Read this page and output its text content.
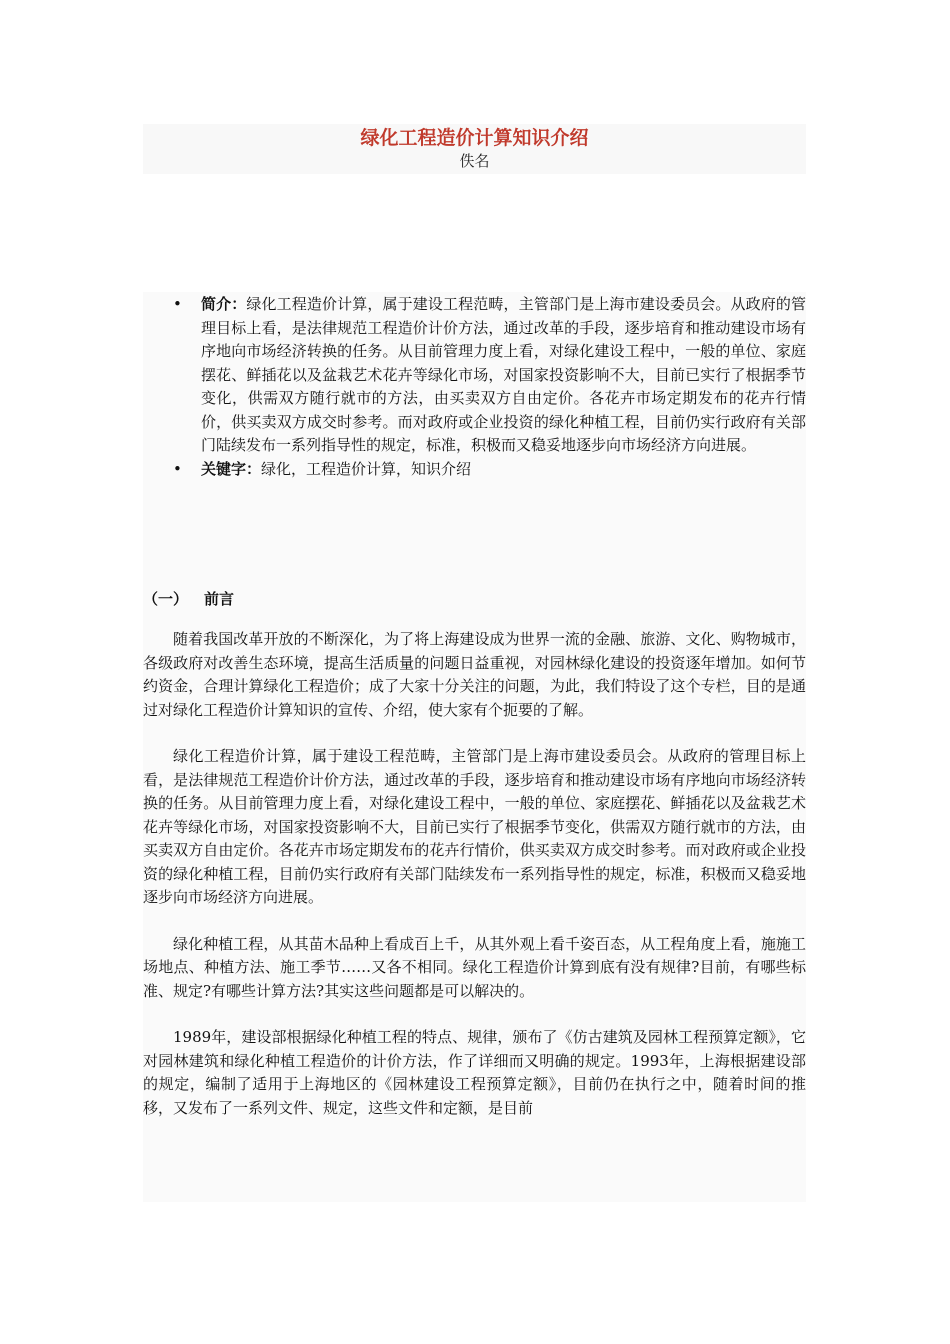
绿化工程造价计算知识介绍

佚名

• 简介：绿化工程造价计算，属于建设工程范畴，主管部门是上海市建设委员会。从政府的管理目标上看，是法律规范工程造价计价方法，通过改革的手段，逐步培育和推动建设市场有序地向市场经济转换的任务。从目前管理力度上看，对绿化建设工程中，一般的单位、家庭摆花、鲜插花以及盆栽艺术花卉等绿化市场，对国家投资影响不大，目前已实行了根据季节变化，供需双方随行就市的方法，由买卖双方自由定价。各花卉市场定期发布的花卉行情价，供买卖双方成交时参考。而对政府或企业投资的绿化种植工程，目前仍实行政府有关部门陆续发布一系列指导性的规定，标准，积极而又稳妥地逐步向市场经济方向进展。
• 关键字：绿化，工程造价计算，知识介绍
（一） 前言

随着我国改革开放的不断深化，为了将上海建设成为世界一流的金融、旅游、文化、购物城市，各级政府对改善生态环境，提高生活质量的问题日益重视，对园林绿化建设的投资逐年增加。如何节约资金，合理计算绿化工程造价；成了大家十分关注的问题，为此，我们特设了这个专栏，目的是通过对绿化工程造价计算知识的宣传、介绍，使大家有个扼要的了解。

绿化工程造价计算，属于建设工程范畴，主管部门是上海市建设委员会。从政府的管理目标上看，是法律规范工程造价计价方法，通过改革的手段，逐步培育和推动建设市场有序地向市场经济转换的任务。从目前管理力度上看，对绿化建设工程中，一般的单位、家庭摆花、鲜插花以及盆栽艺术花卉等绿化市场，对国家投资影响不大，目前已实行了根据季节变化，供需双方随行就市的方法，由买卖双方自由定价。各花卉市场定期发布的花卉行情价，供买卖双方成交时参考。而对政府或企业投资的绿化种植工程，目前仍实行政府有关部门陆续发布一系列指导性的规定，标准，积极而又稳妥地逐步向市场经济方向进展。

绿化种植工程，从其苗木品种上看成百上千，从其外观上看千姿百态，从工程角度上看，施施工场地点、种植方法、施工季节……又各不相同。绿化工程造价计算到底有没有规律?目前，有哪些标准、规定?有哪些计算方法?其实这些问题都是可以解决的。

1989年，建设部根据绿化种植工程的特点、规律，颁布了《仿古建筑及园林工程预算定额》，它对园林建筑和绿化种植工程造价的计价方法，作了详细而又明确的规定。1993年，上海根据建设部的规定，编制了适用于上海地区的《园林建设工程预算定额》，目前仍在执行之中，随着时间的推移，又发布了一系列文件、规定，这些文件和定额，是目前
